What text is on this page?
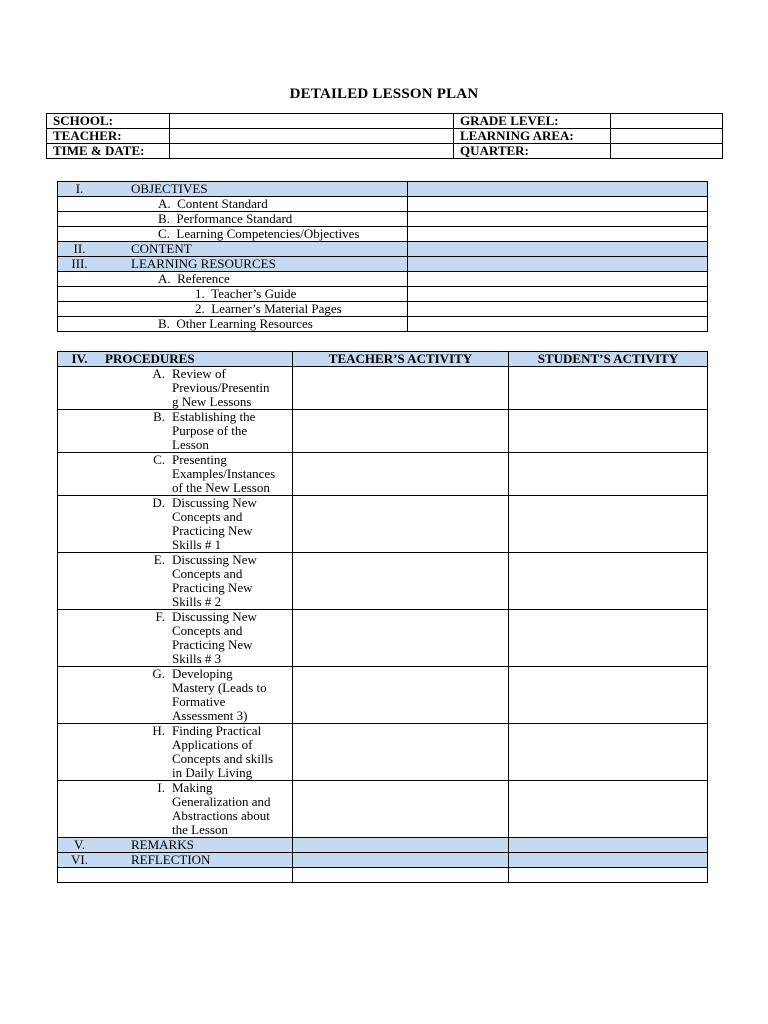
DETAILED LESSON PLAN
SCHOOL:		GRADE LEVEL:	
TEACHER:		LEARNING AREA:	
TIME & DATE:		QUARTER:	
I. OBJECTIVES	
A. Content Standard	
B. Performance Standard	
C. Learning Competencies/Objectives	
II. CONTENT	
III. LEARNING RESOURCES	
A. Reference	
1. Teacher’s Guide	
2. Learner’s Material Pages	
B. Other Learning Resources	
IV. PROCEDURES	TEACHER’S ACTIVITY	STUDENT’S ACTIVITY

A. Review of
Previous/Presentin
g New Lessons		

B. Establishing the
Purpose of the
Lesson		

C. Presenting
Examples/Instances
of the New Lesson		

D. Discussing New
Concepts and
Practicing New
Skills # 1		

E. Discussing New
Concepts and
Practicing New
Skills # 2		

F. Discussing New
Concepts and
Practicing New
Skills # 3		

G. Developing
Mastery (Leads to
Formative
Assessment 3)		

H. Finding Practical
Applications of
Concepts and skills
in Daily Living		

I. Making
Generalization and
Abstractions about
the Lesson		

V. REMARKS		
VI. REFLECTION		
